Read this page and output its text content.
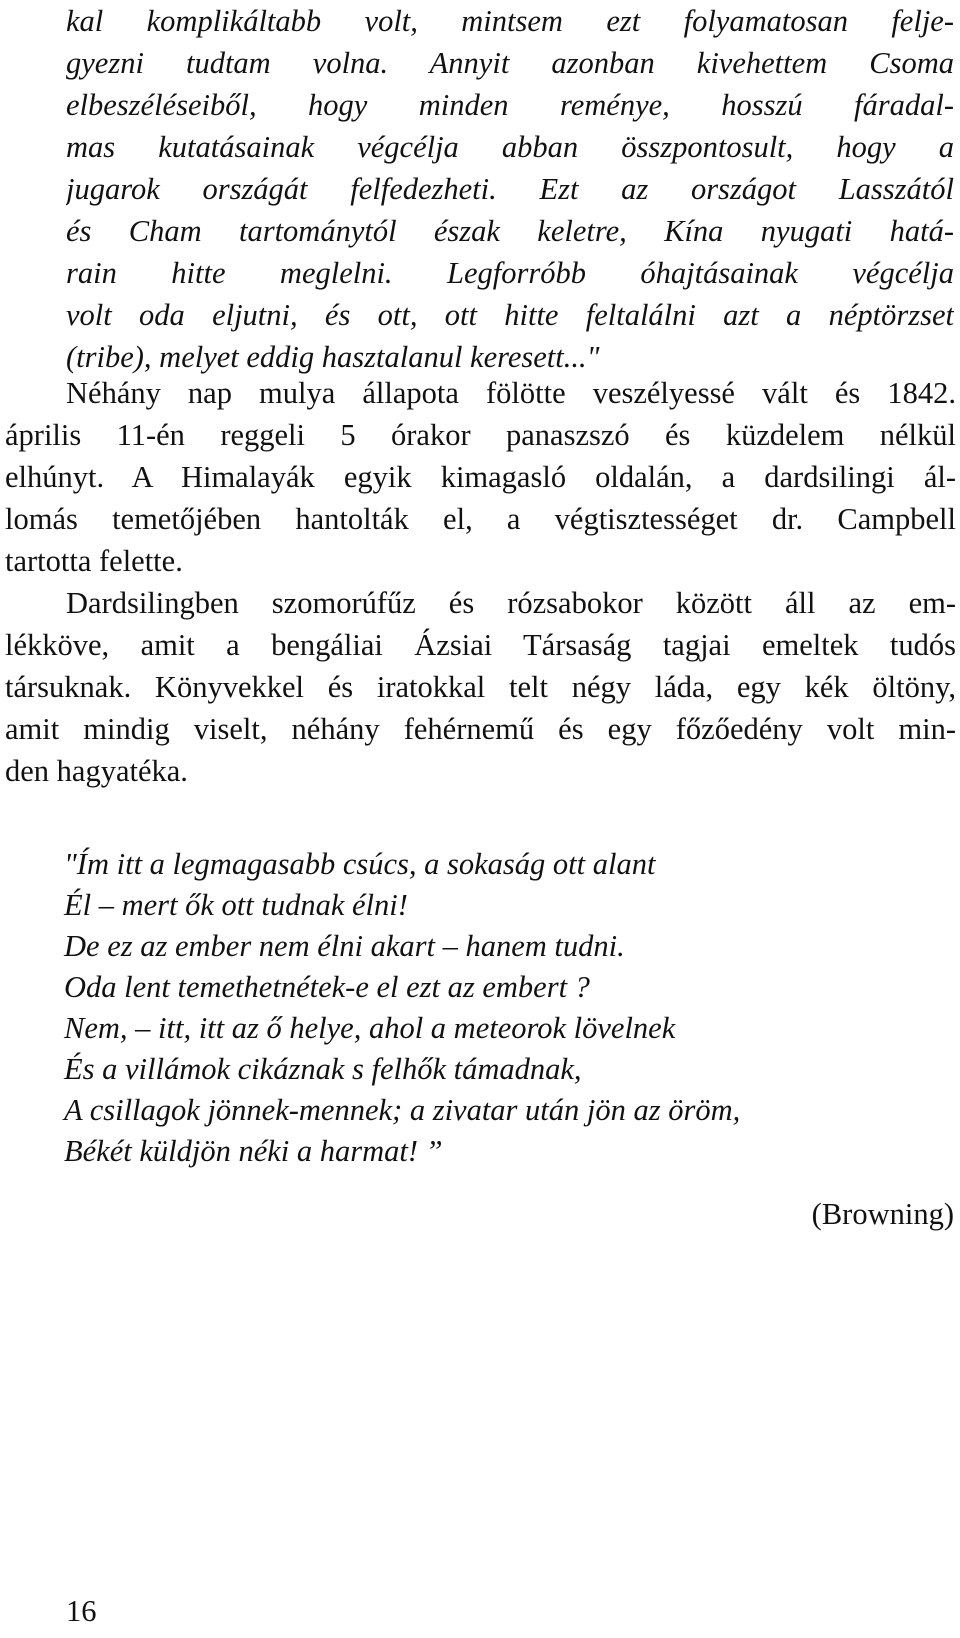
kal komplikáltabb volt, mintsem ezt folyamatosan felje-
gyezni tudtam volna. Annyit azonban kivehettem Csoma
elbeszéléseiből, hogy minden reménye, hosszú fáradal-
mas kutatásainak végcélja abban összpontosult, hogy a
jugarok országát felfedezheti. Ezt az országot Lasszától
és Cham tartománytól észak keletre, Kína nyugati hatá-
rain hitte meglelni. Legforróbb óhajtásainak végcélja
volt oda eljutni, és ott, ott hitte feltalálni azt a néptörzset
(tribe), melyet eddig hasztalanul keresett..."
Néhány nap mulya állapota fölötte veszélyessé vált és 1842.
április 11-én reggeli 5 órakor panaszszó és küzdelem nélkül
elhúnyt. A Himalayák egyik kimagasló oldalán, a dardsilingi ál-
lomás temetőjében hantolták el, a végtisztességet dr. Campbell
tartotta felette.
Dardsilingben szomorúfűz és rózsabokor között áll az em-
lékköve, amit a bengáliai Ázsiai Társaság tagjai emeltek tudós
társuknak. Könyvekkel és iratokkal telt négy láda, egy kék öltöny,
amit mindig viselt, néhány fehérnemű és egy főzőedény volt min-
den hagyatéka.
"Ím itt a legmagasabb csúcs, a sokaság ott alant
Él – mert ők ott tudnak élni!
De ez az ember nem élni akart – hanem tudni.
Oda lent temethetnétek-e el ezt az embert ?
Nem, – itt, itt az ő helye, ahol a meteorok lövelnek
És a villámok cikáznak s felhők támadnak,
A csillagok jönnek-mennek; a zivatar után jön az öröm,
Békét küldjön néki a harmat! ”
(Browning)
16
